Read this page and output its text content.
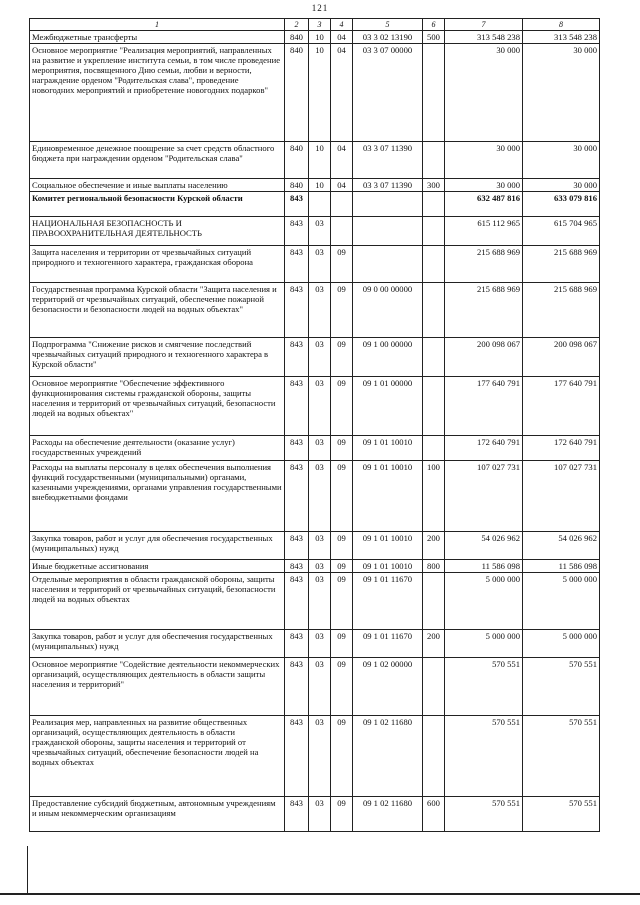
121
1	2	3	4	5	6	7	8
Межбюджетные трансферты	840	10	04	03 3 02 13190	500	313 548 238	313 548 238
Основное мероприятие "Реализация мероприятий, направленных на развитие и укрепление института семьи, в том числе проведение мероприятия, посвященного Дню семьи, любви и верности, награждение орденом "Родительская слава", проведение новогодних мероприятий и приобретение новогодних подарков"	840	10	04	03 3 07 00000		30 000	30 000
Единовременное денежное поощрение за счет средств областного бюджета при награждении орденом "Родительская слава"	840	10	04	03 3 07 11390		30 000	30 000
Социальное обеспечение и иные выплаты населению	840	10	04	03 3 07 11390	300	30 000	30 000
Комитет региональной безопасности Курской области	843					632 487 816	633 079 816
НАЦИОНАЛЬНАЯ БЕЗОПАСНОСТЬ И ПРАВООХРАНИТЕЛЬНАЯ ДЕЯТЕЛЬНОСТЬ	843	03				615 112 965	615 704 965
Защита населения и территории от чрезвычайных ситуаций природного и техногенного характера, гражданская оборона	843	03	09			215 688 969	215 688 969
Государственная программа Курской области "Защита населения и территорий от чрезвычайных ситуаций, обеспечение пожарной безопасности и безопасности людей на водных объектах"	843	03	09	09 0 00 00000		215 688 969	215 688 969
Подпрограмма "Снижение рисков и смягчение последствий чрезвычайных ситуаций природного и техногенного характера в Курской области"	843	03	09	09 1 00 00000		200 098 067	200 098 067
Основное мероприятие "Обеспечение эффективного функционирования системы гражданской обороны, защиты населения и территорий от чрезвычайных ситуаций, безопасности людей на водных объектах"	843	03	09	09 1 01 00000		177 640 791	177 640 791
Расходы на обеспечение деятельности (оказание услуг) государственных учреждений	843	03	09	09 1 01 10010		172 640 791	172 640 791
Расходы на выплаты персоналу в целях обеспечения выполнения функций государственными (муниципальными) органами, казенными учреждениями, органами управления государственными внебюджетными фондами	843	03	09	09 1 01 10010	100	107 027 731	107 027 731
Закупка товаров, работ и услуг для обеспечения государственных (муниципальных) нужд	843	03	09	09 1 01 10010	200	54 026 962	54 026 962
Иные бюджетные ассигнования	843	03	09	09 1 01 10010	800	11 586 098	11 586 098
Отдельные мероприятия в области гражданской обороны, защиты населения и территорий от чрезвычайных ситуаций, безопасности людей на водных объектах	843	03	09	09 1 01 11670		5 000 000	5 000 000
Закупка товаров, работ и услуг для обеспечения государственных (муниципальных) нужд	843	03	09	09 1 01 11670	200	5 000 000	5 000 000
Основное мероприятие "Содействие деятельности некоммерческих организаций, осуществляющих деятельность в области защиты населения и территорий"	843	03	09	09 1 02 00000		570 551	570 551
Реализация мер, направленных на развитие общественных организаций, осуществляющих деятельность в области гражданской обороны, защиты населения и территорий от чрезвычайных ситуаций, обеспечение безопасности людей на водных объектах	843	03	09	09 1 02 11680		570 551	570 551
Предоставление субсидий бюджетным, автономным учреждениям и иным некоммерческим организациям	843	03	09	09 1 02 11680	600	570 551	570 551
